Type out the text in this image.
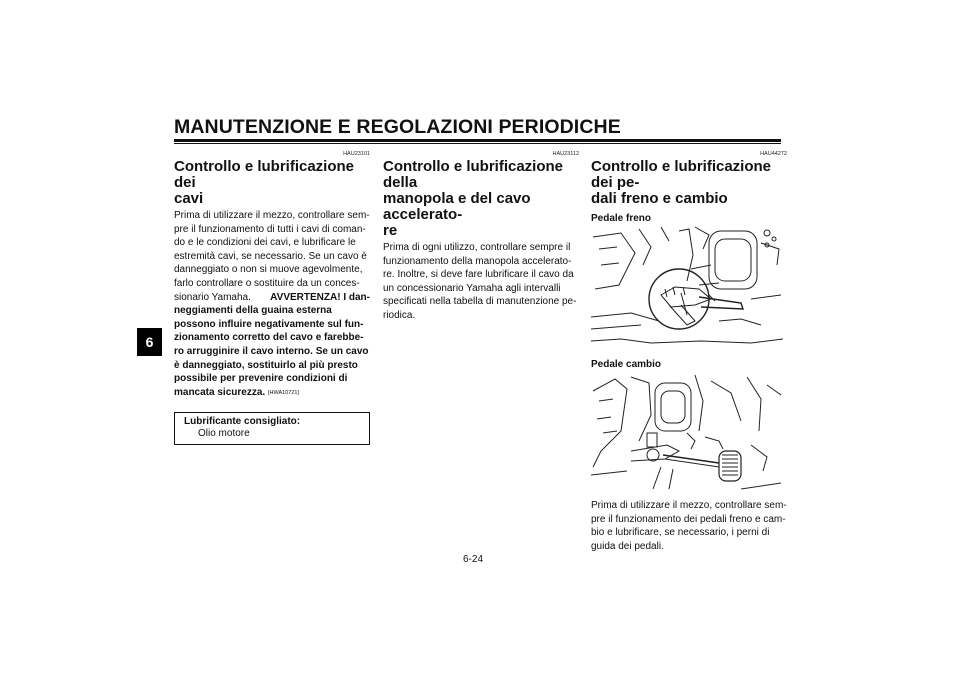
MANUTENZIONE E REGOLAZIONI PERIODICHE
6
HAU23101
Controllo e lubrificazione dei
cavi
Prima di utilizzare il mezzo, controllare sem-
pre il funzionamento di tutti i cavi di coman-
do e le condizioni dei cavi, e lubrificare le
estremità cavi, se necessario. Se un cavo è
danneggiato o non si muove agevolmente,
farlo controllare o sostituire da un conces-
sionario Yamaha. AVVERTENZA! I dan-
neggiamenti della guaina esterna
possono influire negativamente sul fun-
zionamento corretto del cavo e farebbe-
ro arrugginire il cavo interno. Se un cavo
è danneggiato, sostituirlo al più presto
possibile per prevenire condizioni di
mancata sicurezza. [HWA10721]
Lubrificante consigliato:
Olio motore
HAU23112
Controllo e lubrificazione della
manopola e del cavo accelerato-
re
Prima di ogni utilizzo, controllare sempre il
funzionamento della manopola accelerato-
re. Inoltre, si deve fare lubrificare il cavo da
un concessionario Yamaha agli intervalli
specificati nella tabella di manutenzione pe-
riodica.
HAU44272
Controllo e lubrificazione dei pe-
dali freno e cambio
Pedale freno
Pedale cambio
Prima di utilizzare il mezzo, controllare sem-
pre il funzionamento dei pedali freno e cam-
bio e lubrificare, se necessario, i perni di
guida dei pedali.
6-24
